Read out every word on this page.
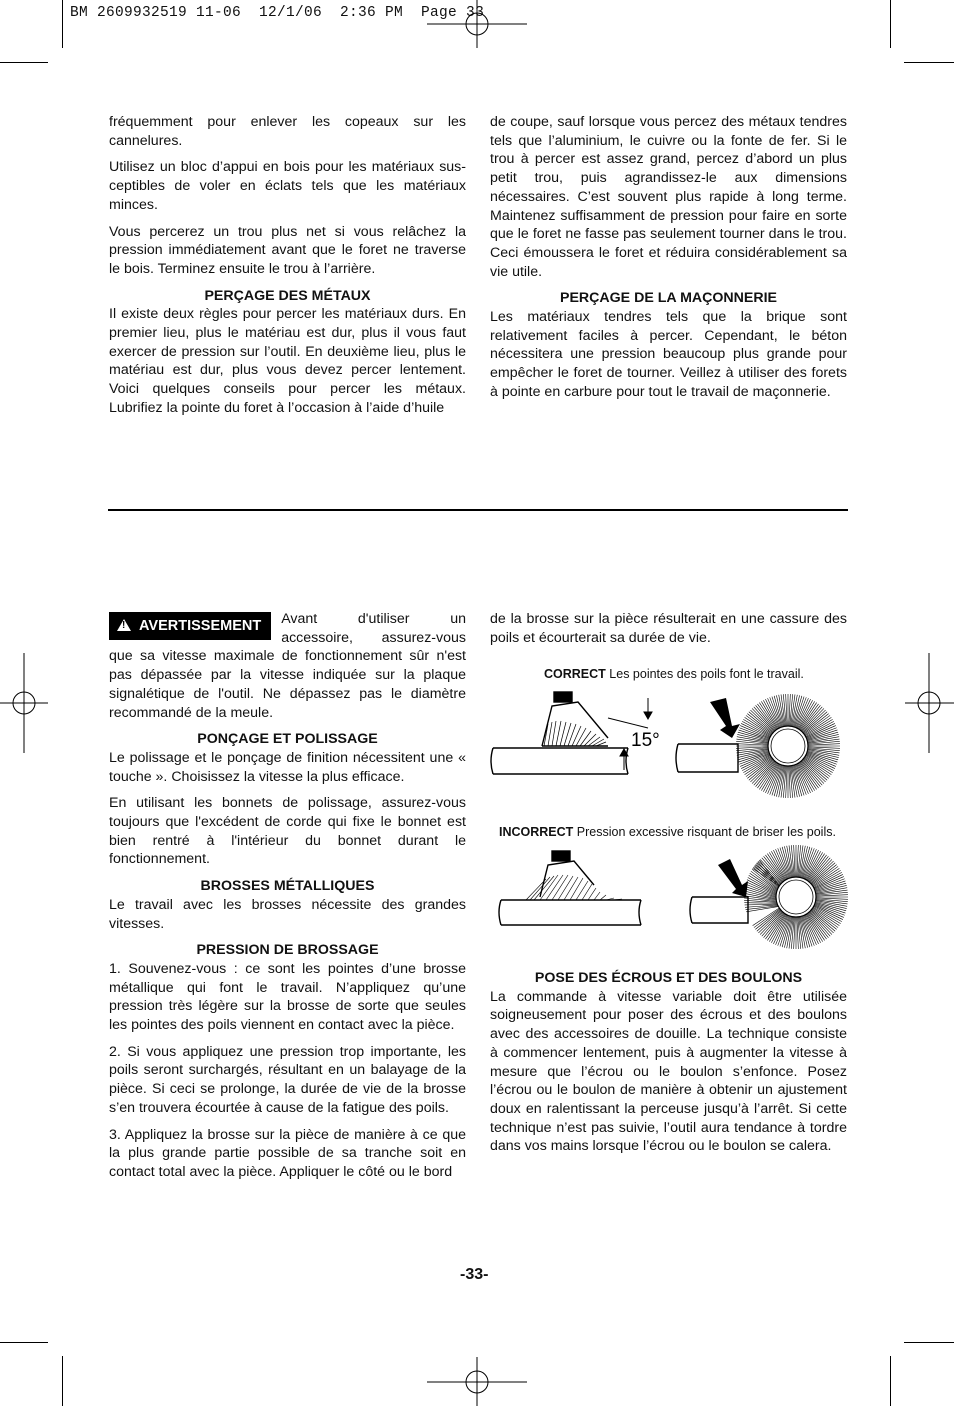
BM 2609932519 11-06  12/1/06  2:36 PM  Page 33

fréquemment pour enlever les copeaux sur les cannelures.

Utilisez un bloc d’appui en bois pour les matériaux sus-ceptibles de voler en éclats tels que les matériaux minces.

Vous percerez un trou plus net si vous relâchez la pression immédiatement avant que le foret ne traverse le bois. Terminez ensuite le trou à l’arrière.

PERÇAGE DES MÉTAUX

Il existe deux règles pour percer les matériaux durs. En premier lieu, plus le matériau est dur, plus il vous faut exercer de pression sur l’outil. En deuxième lieu, plus le matériau est dur, plus vous devez percer lentement. Voici quelques conseils pour percer les métaux. Lubrifiez la pointe du foret à l’occasion à l’aide d’huile

de coupe, sauf lorsque vous percez des métaux tendres tels que l’aluminium, le cuivre ou la fonte de fer. Si le trou à percer est assez grand, percez d’abord un plus petit trou, puis agrandissez-le aux dimensions nécessaires. C’est souvent plus rapide à long terme. Maintenez suffisamment de pression pour faire en sorte que le foret ne fasse pas seulement tourner dans le trou. Ceci émoussera le foret et réduira considérablement sa vie utile.

PERÇAGE DE LA MAÇONNERIE

Les matériaux tendres tels que la brique sont relativement faciles à percer. Cependant, le béton nécessitera une pression beaucoup plus grande pour empêcher le foret de tourner. Veillez à utiliser des forets à pointe en carbure pour tout le travail de maçonnerie.

! AVERTISSEMENT	Avant d'utiliser un accessoire, assurez-vous que sa vitesse maximale de fonctionnement sûr n'est pas dépassée par la vitesse indiquée sur la plaque signalétique de l'outil. Ne dépassez pas le diamètre recommandé de la meule.

PONÇAGE ET POLISSAGE

Le polissage et le ponçage de finition nécessitent une « touche ». Choisissez la vitesse la plus efficace.

En utilisant les bonnets de polissage, assurez-vous toujours que l'excédent de corde qui fixe le bonnet est bien rentré à l'intérieur du bonnet durant le fonctionnement.

BROSSES MÉTALLIQUES

Le travail avec les brosses nécessite des grandes vitesses.

PRESSION DE BROSSAGE

1. Souvenez-vous : ce sont les pointes d’une brosse métallique qui font le travail. N’appliquez qu’une pression très légère sur la brosse de sorte que seules les pointes des poils viennent en contact avec la pièce.

2. Si vous appliquez une pression trop importante, les poils seront surchargés, résultant en un balayage de la pièce. Si ceci se prolonge, la durée de vie de la brosse s’en trouvera écourtée à cause de la fatigue des poils.

3. Appliquez la brosse sur la pièce de manière à ce que la plus grande partie possible de sa tranche soit en contact total avec la pièce. Appliquer le côté ou le bord

de la brosse sur la pièce résulterait en une cassure des poils et écourterait sa durée de vie.

CORRECT Les pointes des poils font le travail.
15°
INCORRECT Pression excessive risquant de briser les poils.
POSE DES ÉCROUS ET DES BOULONS

La commande à vitesse variable doit être utilisée soigneusement pour poser des écrous et des boulons avec des accessoires de douille. La technique consiste à commencer lentement, puis à augmenter la vitesse à mesure que l’écrou ou le boulon s’enfonce. Posez l’écrou ou le boulon de manière à obtenir un ajustement doux en ralentissant la perceuse jusqu’à l’arrêt. Si cette technique n’est pas suivie, l’outil aura tendance à tordre dans vos mains lorsque l’écrou ou le boulon se calera.

-33-
